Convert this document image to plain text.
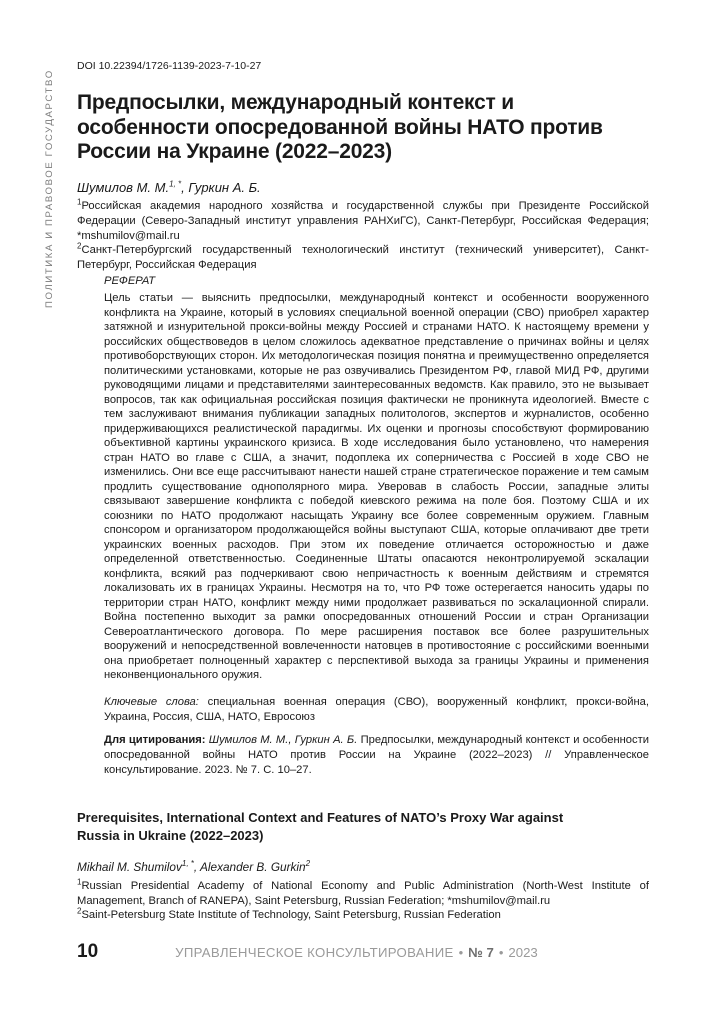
ПОЛИТИКА И ПРАВОВОЕ ГОСУДАРСТВО
DOI 10.22394/1726-1139-2023-7-10-27
Предпосылки, международный контекст и особенности опосредованной войны НАТО против России на Украине (2022–2023)
Шумилов М. М.$^{1, *}$, Гуркин А. Б.
$^1$Российская академия народного хозяйства и государственной службы при Президенте Российской Федерации (Северо-Западный институт управления РАНХиГС), Санкт-Петербург, Российская Федерация; *mshumilov@mail.ru
$^2$Санкт-Петербургский государственный технологический институт (технический университет), Санкт-Петербург, Российская Федерация
РЕФЕРАТ
Цель статьи — выяснить предпосылки, международный контекст и особенности вооруженного конфликта на Украине, который в условиях специальной военной операции (СВО) приобрел характер затяжной и изнурительной прокси-войны между Россией и странами НАТО. К настоящему времени у российских обществоведов в целом сложилось адекватное представление о причинах войны и целях противоборствующих сторон. Их методологическая позиция понятна и преимущественно определяется политическими установками, которые не раз озвучивались Президентом РФ, главой МИД РФ, другими руководящими лицами и представителями заинтересованных ведомств. Как правило, это не вызывает вопросов, так как официальная российская позиция фактически не проникнута идеологией. Вместе с тем заслуживают внимания публикации западных политологов, экспертов и журналистов, особенно придерживающихся реалистической парадигмы. Их оценки и прогнозы способствуют формированию объективной картины украинского кризиса. В ходе исследования было установлено, что намерения стран НАТО во главе с США, а значит, подоплека их соперничества с Россией в ходе СВО не изменились. Они все еще рассчитывают нанести нашей стране стратегическое поражение и тем самым продлить существование однополярного мира. Уверовав в слабость России, западные элиты связывают завершение конфликта с победой киевского режима на поле боя. Поэтому США и их союзники по НАТО продолжают насыщать Украину все более современным оружием. Главным спонсором и организатором продолжающейся войны выступают США, которые оплачивают две трети украинских военных расходов. При этом их поведение отличается осторожностью и даже определенной ответственностью. Соединенные Штаты опасаются неконтролируемой эскалации конфликта, всякий раз подчеркивают свою непричастность к военным действиям и стремятся локализовать их в границах Украины. Несмотря на то, что РФ тоже остерегается наносить удары по территории стран НАТО, конфликт между ними продолжает развиваться по эскалационной спирали. Война постепенно выходит за рамки опосредованных отношений России и стран Организации Североатлантического договора. По мере расширения поставок все более разрушительных вооружений и непосредственной вовлеченности натовцев в противостояние с российскими военными она приобретает полноценный характер с перспективой выхода за границы Украины и применения неконвенционального оружия.
Ключевые слова: специальная военная операция (СВО), вооруженный конфликт, прокси-война, Украина, Россия, США, НАТО, Евросоюз
Для цитирования: Шумилов М. М., Гуркин А. Б. Предпосылки, международный контекст и особенности опосредованной войны НАТО против России на Украине (2022–2023) // Управленческое консультирование. 2023. № 7. С. 10–27.
Prerequisites, International Context and Features of NATO’s Proxy War against Russia in Ukraine (2022–2023)
Mikhail M. Shumilov$^{1, *}$, Alexander B. Gurkin$^2$
$^1$Russian Presidential Academy of National Economy and Public Administration (North-West Institute of Management, Branch of RANEPA), Saint Petersburg, Russian Federation; *mshumilov@mail.ru
$^2$Saint-Petersburg State Institute of Technology, Saint Petersburg, Russian Federation
10	УПРАВЛЕНЧЕСКОЕ КОНСУЛЬТИРОВАНИЕ • № 7 • 2023
